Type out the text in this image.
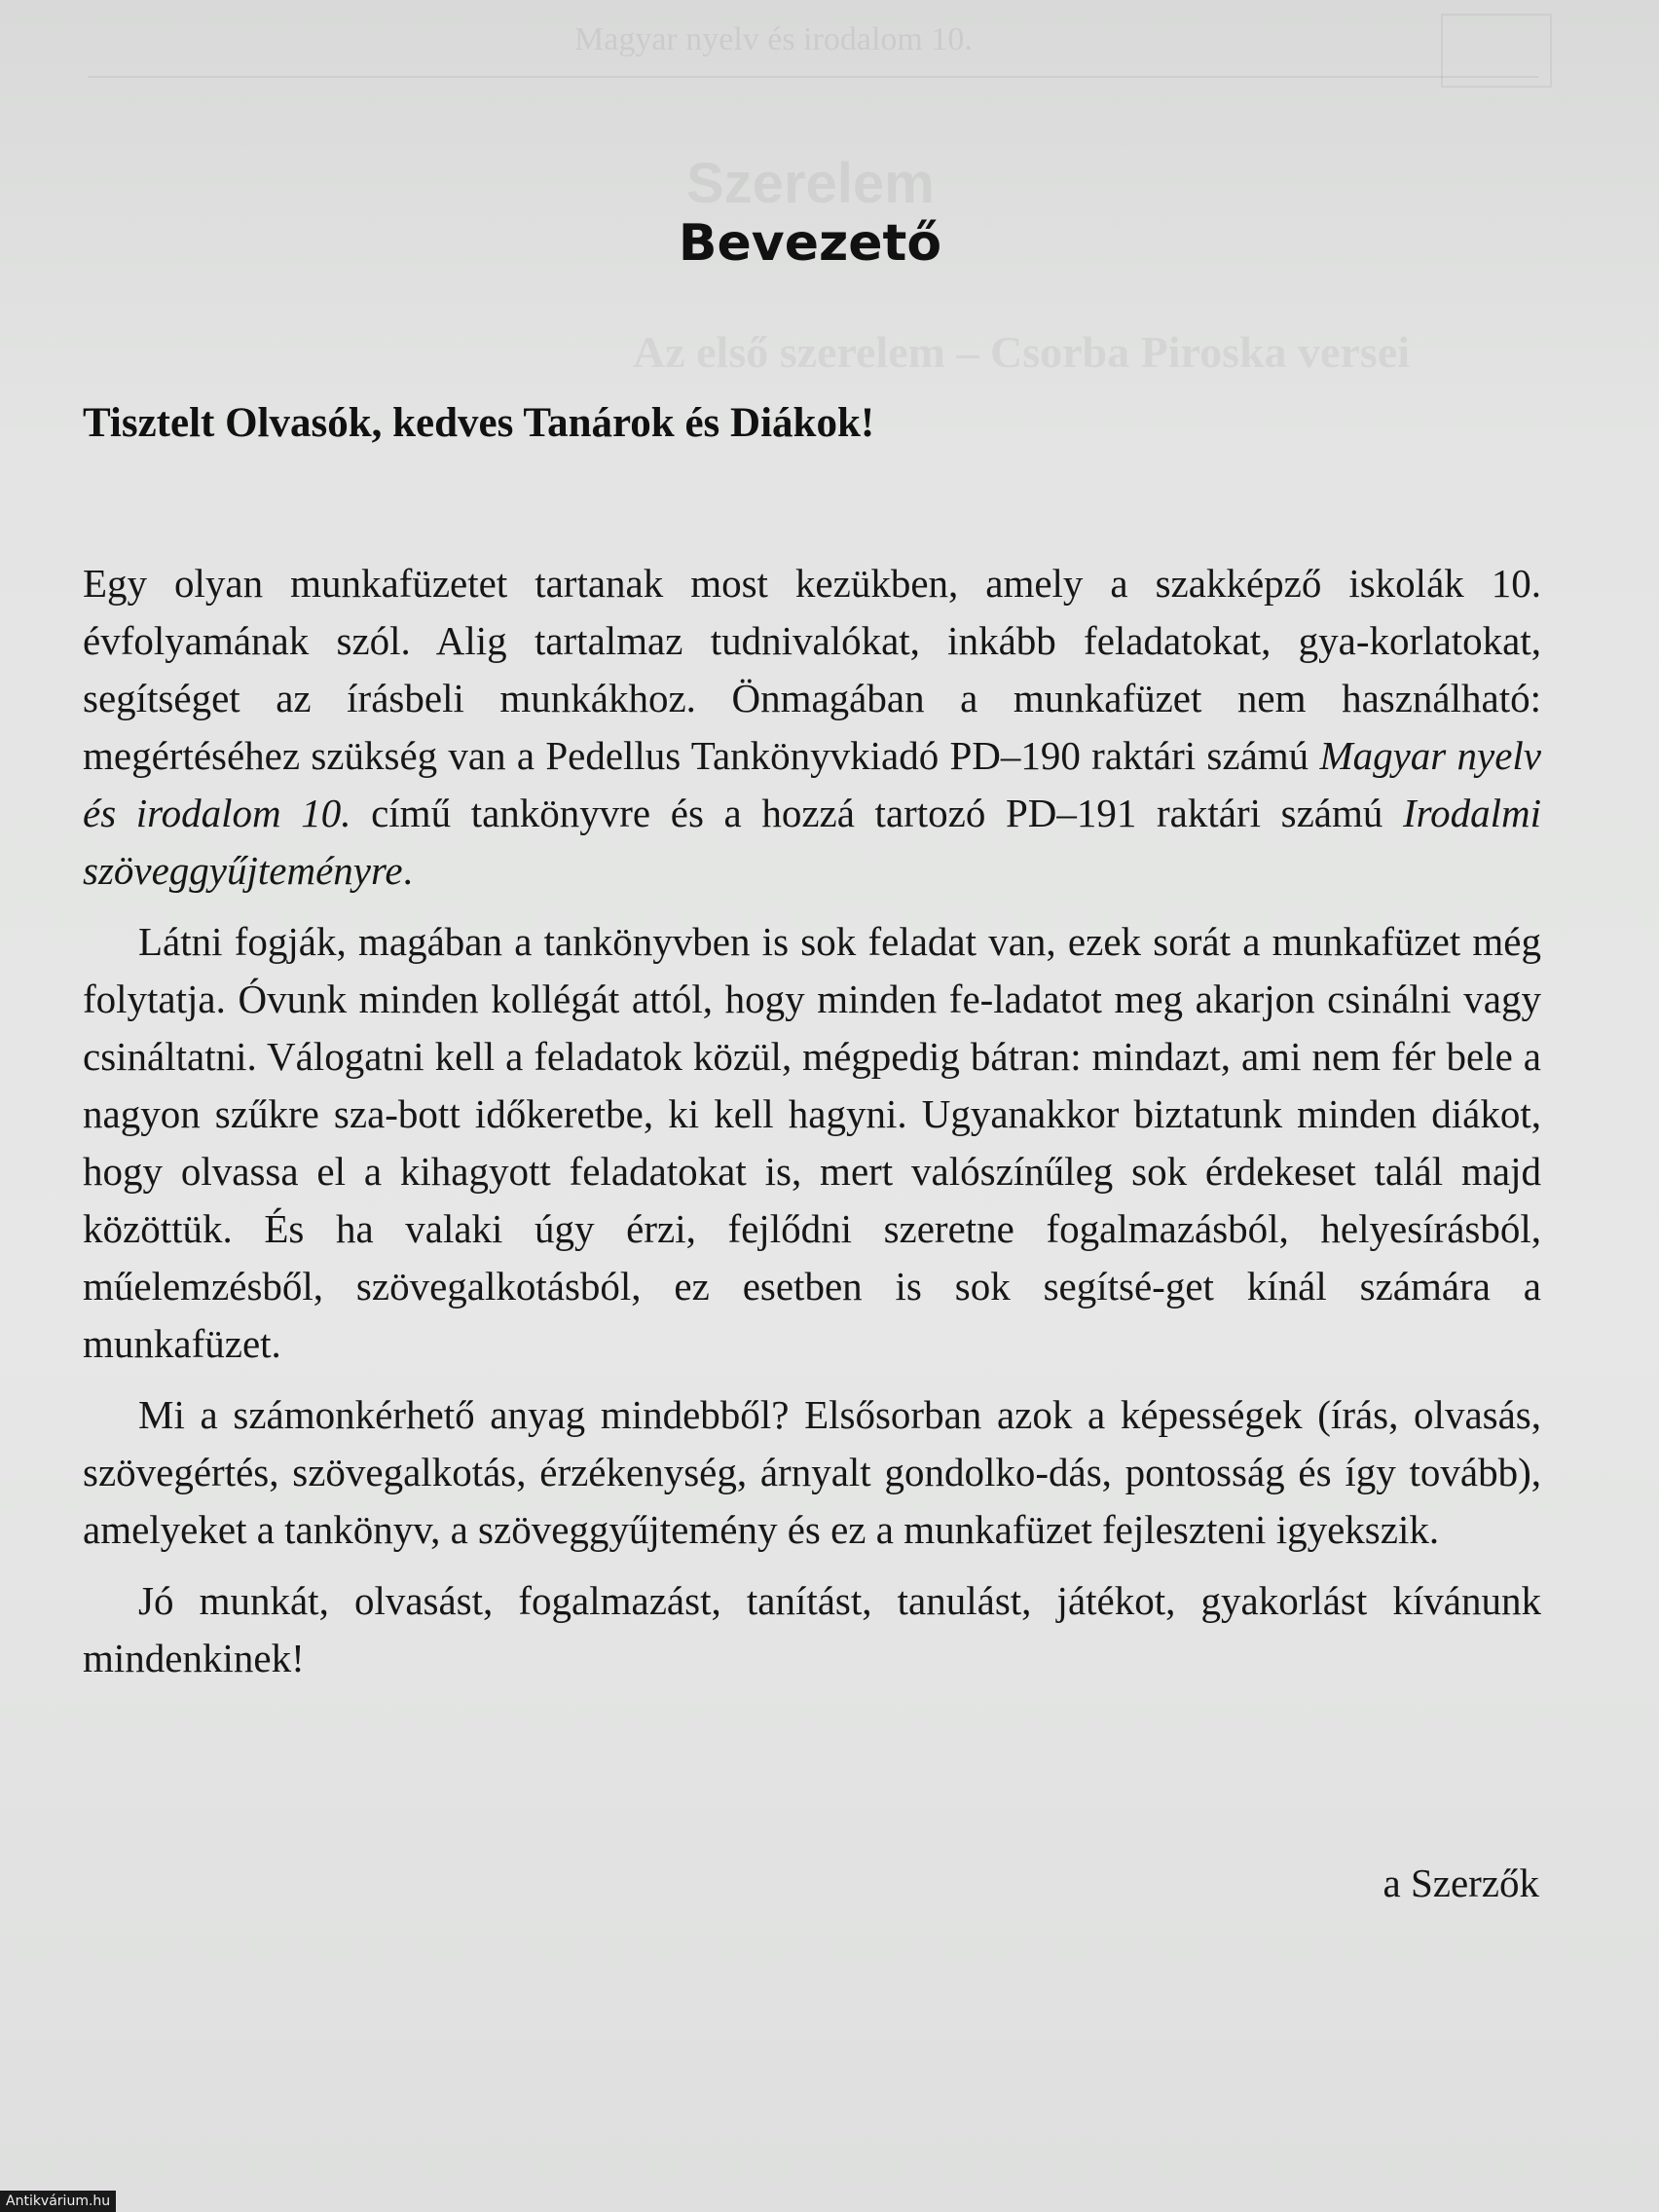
Magyar nyelv és irodalom 10.
Szerelem
Az első szerelem – Csorba Piroska versei
Bevezető
Tisztelt Olvasók, kedves Tanárok és Diákok!

Egy olyan munkafüzetet tartanak most kezükben, amely a szakképző iskolák 10. évfolyamának szól. Alig tartalmaz tudnivalókat, inkább feladatokat, gya-korlatokat, segítséget az írásbeli munkákhoz. Önmagában a munkafüzet nem használható: megértéséhez szükség van a Pedellus Tankönyvkiadó PD–190 raktári számú Magyar nyelv és irodalom 10. című tankönyvre és a hozzá tartozó PD–191 raktári számú Irodalmi szöveggyűjteményre.

Látni fogják, magában a tankönyvben is sok feladat van, ezek sorát a munkafüzet még folytatja. Óvunk minden kollégát attól, hogy minden fe-ladatot meg akarjon csinálni vagy csináltatni. Válogatni kell a feladatok közül, mégpedig bátran: mindazt, ami nem fér bele a nagyon szűkre sza-bott időkeretbe, ki kell hagyni. Ugyanakkor biztatunk minden diákot, hogy olvassa el a kihagyott feladatokat is, mert valószínűleg sok érdekeset talál majd közöttük. És ha valaki úgy érzi, fejlődni szeretne fogalmazásból, helyesírásból, műelemzésből, szövegalkotásból, ez esetben is sok segítsé-get kínál számára a munkafüzet.

Mi a számonkérhető anyag mindebből? Elsősorban azok a képességek (írás, olvasás, szövegértés, szövegalkotás, érzékenység, árnyalt gondolko-dás, pontosság és így tovább), amelyeket a tankönyv, a szöveggyűjtemény és ez a munkafüzet fejleszteni igyekszik.

Jó munkát, olvasást, fogalmazást, tanítást, tanulást, játékot, gyakorlást kívánunk mindenkinek!

a Szerzők

Antikvárium.hu
